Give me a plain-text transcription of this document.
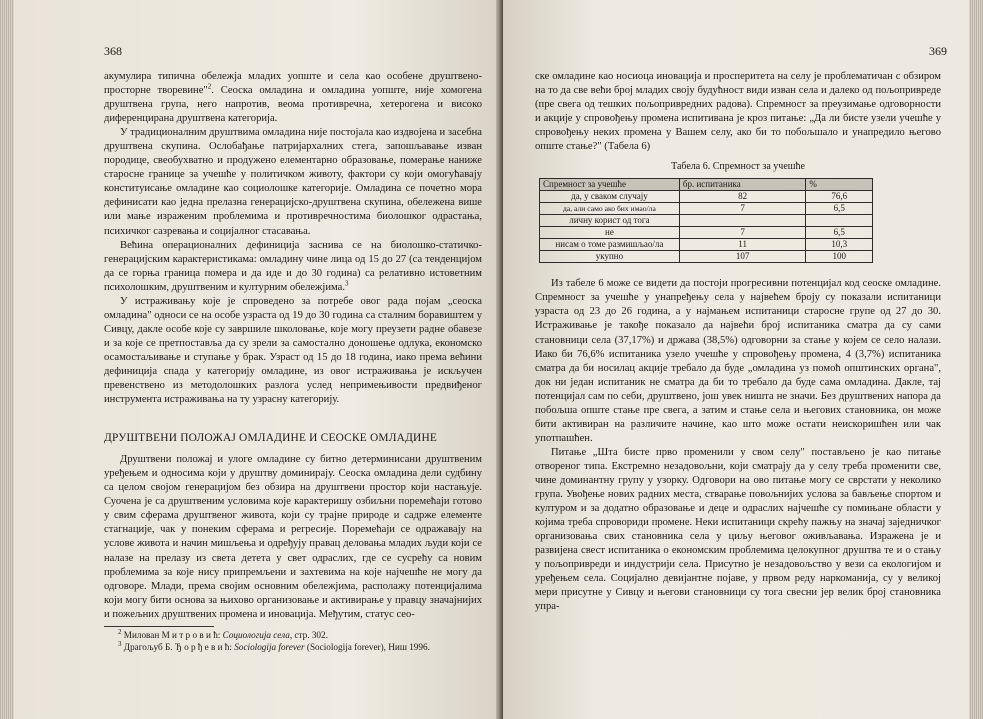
368

акумулира типична обележја младих уопште и села као особене друштвено-просторне творевине"$^2$. Сеоска омладина и омладина уопште, није хомогена друштвена група, него напротив, веома противречна, хетерогена и високо диференцирана друштвена категорија.

У традиционалним друштвима омладина није постојала као издвојена и засебна друштвена скупина. Ослобађање патријархалних стега, запошљавање изван породице, свеобухватно и продужено елементарно образовање, померање наниже старосне границе за учешће у политичком животу, фактори су који омогућавају конституисање омладине као социолошке категорије. Омладина се почетно мора дефинисати као једна прелазна генерацијско-друштвена скупина, обележена више или мање израженим проблемима и противречностима биолошког одрастања, психичког сазревања и социјалног стасавања.

Већина операционалних дефиниција заснива се на биолошко-статичко-генерацијским карактеристикама: омладину чине лица од 15 до 27 (са тенденцијом да се горња граница помера и да иде и до 30 година) са релативно истоветним психолошким, друштвеним и културним обележјима.$^3$

У истраживању које је спроведено за потребе овог рада појам „сеоска омладина" односи се на особе узраста од 19 до 30 година са сталним боравиштем у Сивцу, дакле особе које су завршиле школовање, које могу преузети радне обавезе и за које се претпоставља да су зрели за самостално доношење одлука, економско осамостаљивање и ступање у брак. Узраст од 15 до 18 година, иако према већини дефиниција спада у категорију омладине, из овог истраживања је искључен превенствено из методолошких разлога услед непримењивости предвиђеног инструмента истраживања на ту узрасну категорију.

ДРУШТВЕНИ ПОЛОЖАЈ ОМЛАДИНЕ И СЕОСКЕ ОМЛАДИНЕ

Друштвени положај и улоге омладине су битно детерминисани друштвеним уређењем и односима који у друштву доминирају. Сеоска омладина дели судбину са целом својом генерацијом без обзира на друштвени простор који настањује. Суочена је са друштвеним условима које карактеришу озбиљни поремећаји готово у свим сферама друштвеног живота, који су трајне природе и садрже елементе стагнације, чак у понеким сферама и регресије. Поремећаји се одражавају на услове живота и начин мишљења и одређују правац деловања младих људи који се налазе на прелазу из света детета у свет одраслих, где се сусрећу са новим проблемима за које нису припремљени и захтевима на које најчешће не могу да одговоре. Млади, према својим основним обележјима, располажу потенцијалима који могу бити основа за њихово организовање и активирање у правцу значајнијих и пожељних друштвених промена и иновација. Међутим, статус сео-

$^2$ Милован М и т р о в и ћ: Социологија села, стр. 302.
$^3$ Драгољуб Б. Ђ о р ђ е в и ћ: Sociologija forever (Sociologija forever), Ниш 1996.
369

ске омладине као носиоца иновација и просперитета на селу је проблематичан с обзиром на то да све већи број младих своју будућност види изван села и далеко од пољопривреде (пре свега од тешких пољопривредних радова). Спремност за преузимање одговорности и акције у спровођењу промена испитивана је кроз питање: „Да ли бисте узели учешће у спровођењу неких промена у Вашем селу, ако би то побољшало и унапредило његово опште стање?" (Табела 6)

Табела 6. Спремност за учешће
Спремност за учешће	бр. испитаника	%
да, у сваком случају	82	76,6
да, али само ако бих имао/ла	7	6,5
личну корист од тога		
не	7	6,5
нисам о томе размишљао/ла	11	10,3
укупно	107	100

Из табеле 6 може се видети да постоји прогресивни потенцијал код сеоске омладине. Спремност за учешће у унапређењу села у највећем броју су показали испитаници узраста од 23 до 26 година, а у најмањем испитаници старосне групе од 27 до 30. Истраживање је такође показало да највећи број испитаника сматра да су сами становници села (37,17%) и држава (38,5%) одговорни за стање у којем се село налази. Иако би 76,6% испитаника узело учешће у спровођењу промена, 4 (3,7%) испитаника сматра да би носилац акције требало да буде „омладина уз помоћ општинских органа", док ни један испитаник не сматра да би то требало да буде сама омладина. Дакле, тај потенцијал сам по себи, друштвено, још увек ништа не значи. Без друштвених напора да побољша опште стање пре свега, а затим и стање села и његових становника, он може бити активиран на различите начине, као што може остати неискоришћен или чак употпашћен.

Питање „Шта бисте прво променили у свом селу" постављено је као питање отвореног типа. Екстремно незадовољни, који сматрају да у селу треба променити све, чине доминантну групу у узорку. Одговори на ово питање могу се сврстати у неколико група. Увођење нових радних места, стварање повољнијих услова за бављење спортом и културом и за додатно образовање и деце и одраслих најчешће су помињане области у којима треба спровориди промене. Неки испитаници скрећу пажњу на значај заједничког организовања свих становника села у циљу његовог оживљавања. Изражена је и развијена свест испитаника о економским проблемима целокупног друштва те и о стању у пољопривреди и индустрији села. Присутно је незадовољство у вези са екологијом и уређењем села. Социјално девијантне појаве, у првом реду наркоманија, су у великој мери присутне у Сивцу и његови становници су тога свесни јер велик број становника упра-
